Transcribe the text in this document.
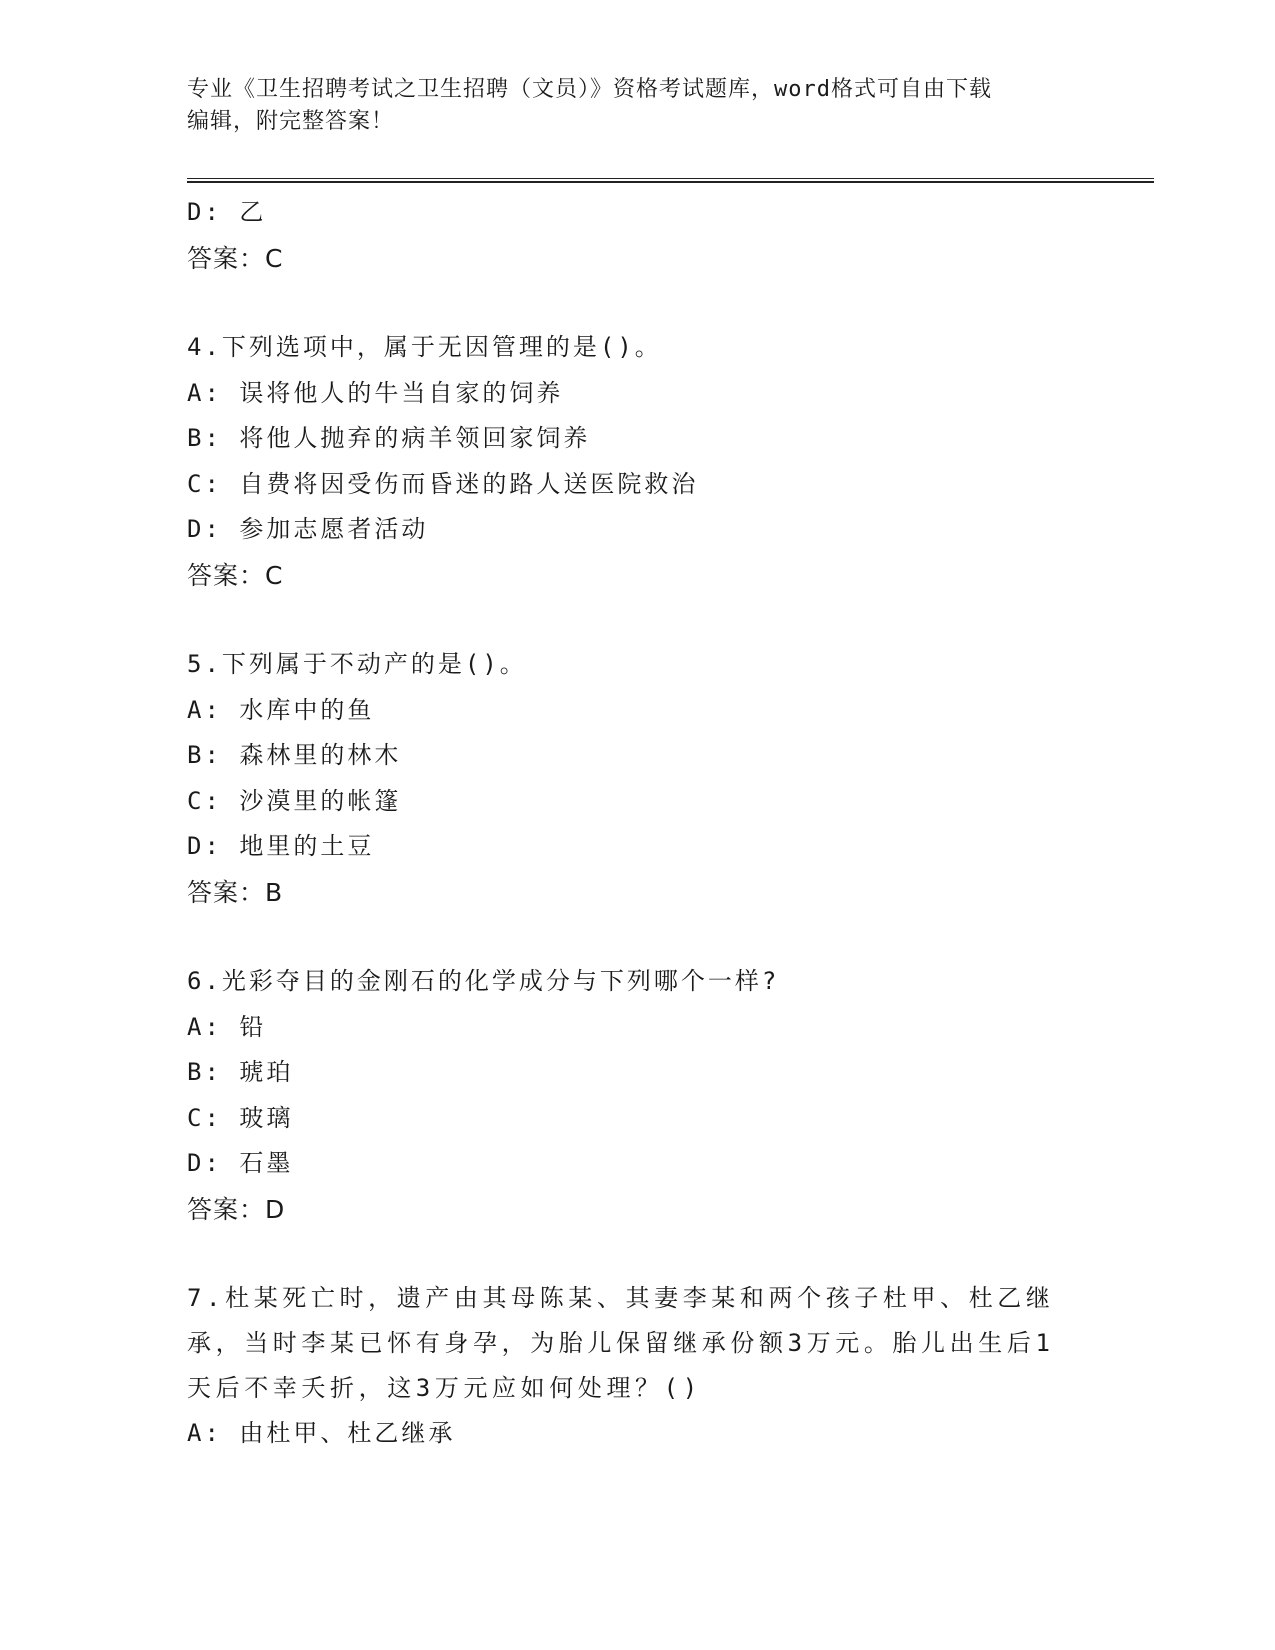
专业《卫生招聘考试之卫生招聘（文员）》资格考试题库，word格式可自由下载
编辑，附完整答案！
D: 乙
答案：C
4.下列选项中，属于无因管理的是()。
A: 误将他人的牛当自家的饲养
B: 将他人抛弃的病羊领回家饲养
C: 自费将因受伤而昏迷的路人送医院救治
D: 参加志愿者活动
答案：C
5.下列属于不动产的是()。
A: 水库中的鱼
B: 森林里的林木
C: 沙漠里的帐篷
D: 地里的土豆
答案：B
6.光彩夺目的金刚石的化学成分与下列哪个一样?
A: 铅
B: 琥珀
C: 玻璃
D: 石墨
答案：D
7.杜某死亡时，遗产由其母陈某、其妻李某和两个孩子杜甲、杜乙继承，当时李某已怀有身孕，为胎儿保留继承份额3万元。胎儿出生后1天后不幸夭折，这3万元应如何处理？()
A: 由杜甲、杜乙继承
